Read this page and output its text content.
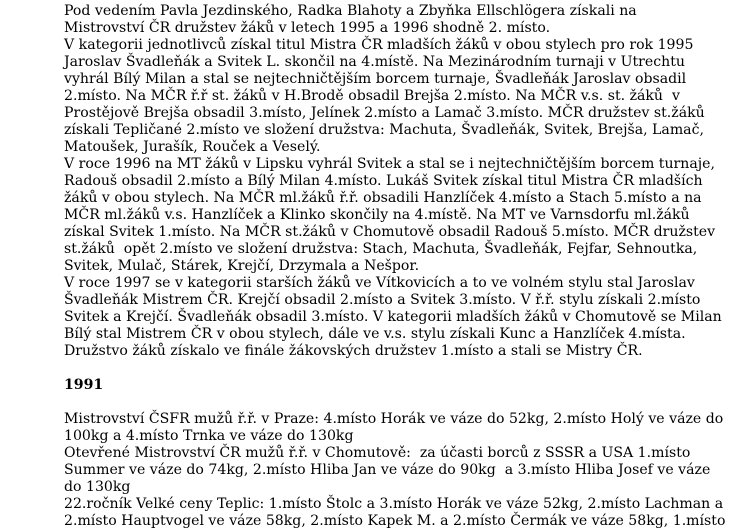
Pod vedením Pavla Jezdinského, Radka Blahoty a Zbyňka Ellschlögera získali na

Mistrovství ČR družstev žáků v letech 1995 a 1996 shodně 2. místo.

V kategorii jednotlivců získal titul Mistra ČR mladších žáků v obou stylech pro rok 1995

Jaroslav Švadleňák a Svitek L. skončil na 4.místě. Na Mezinárodním turnaji v Utrechtu

vyhrál Bílý Milan a stal se nejtechničtějším borcem turnaje, Švadleňák Jaroslav obsadil

2.místo. Na MČR ř.ř st. žáků v H.Brodě obsadil Brejša 2.místo. Na MČR v.s. st. žáků  v

Prostějově Brejša obsadil 3.místo, Jelínek 2.místo a Lamač 3.místo. MČR družstev st.žáků

získali Tepličané 2.místo ve složení družstva: Machuta, Švadleňák, Svitek, Brejša, Lamač,

Matoušek, Jurašík, Rouček a Veselý.

V roce 1996 na MT žáků v Lipsku vyhrál Svitek a stal se i nejtechničtějším borcem turnaje,

Radouš obsadil 2.místo a Bílý Milan 4.místo. Lukáš Svitek získal titul Mistra ČR mladších

žáků v obou stylech. Na MČR ml.žáků ř.ř. obsadili Hanzlíček 4.místo a Stach 5.místo a na

MČR ml.žáků v.s. Hanzlíček a Klinko skončily na 4.místě. Na MT ve Varnsdorfu ml.žáků

získal Svitek 1.místo. Na MČR st.žáků v Chomutově obsadil Radouš 5.místo. MČR družstev

st.žáků  opět 2.místo ve složení družstva: Stach, Machuta, Švadleňák, Fejfar, Sehnoutka,

Svitek, Mulač, Stárek, Krejčí, Drzymala a Nešpor.

V roce 1997 se v kategorii starších žáků ve Vítkovicích a to ve volném stylu stal Jaroslav

Švadleňák Mistrem ČR. Krejčí obsadil 2.místo a Svitek 3.místo. V ř.ř. stylu získali 2.místo

Svitek a Krejčí. Švadleňák obsadil 3.místo. V kategorii mladších žáků v Chomutově se Milan

Bílý stal Mistrem ČR v obou stylech, dále ve v.s. stylu získali Kunc a Hanzlíček 4.místa.

Družstvo žáků získalo ve finále žákovských družstev 1.místo a stali se Mistry ČR.

1991

Mistrovství ČSFR mužů ř.ř. v Praze: 4.místo Horák ve váze do 52kg, 2.místo Holý ve váze do

100kg a 4.místo Trnka ve váze do 130kg

Otevřené Mistrovství ČR mužů ř.ř. v Chomutově:  za účasti borců z SSSR a USA 1.místo

Summer ve váze do 74kg, 2.místo Hliba Jan ve váze do 90kg  a 3.místo Hliba Josef ve váze

do 130kg

22.ročník Velké ceny Teplic: 1.místo Štolc a 3.místo Horák ve váze 52kg, 2.místo Lachman a

2.místo Hauptvogel ve váze 58kg, 2.místo Kapek M. a 2.místo Čermák ve váze 58kg, 1.místo
